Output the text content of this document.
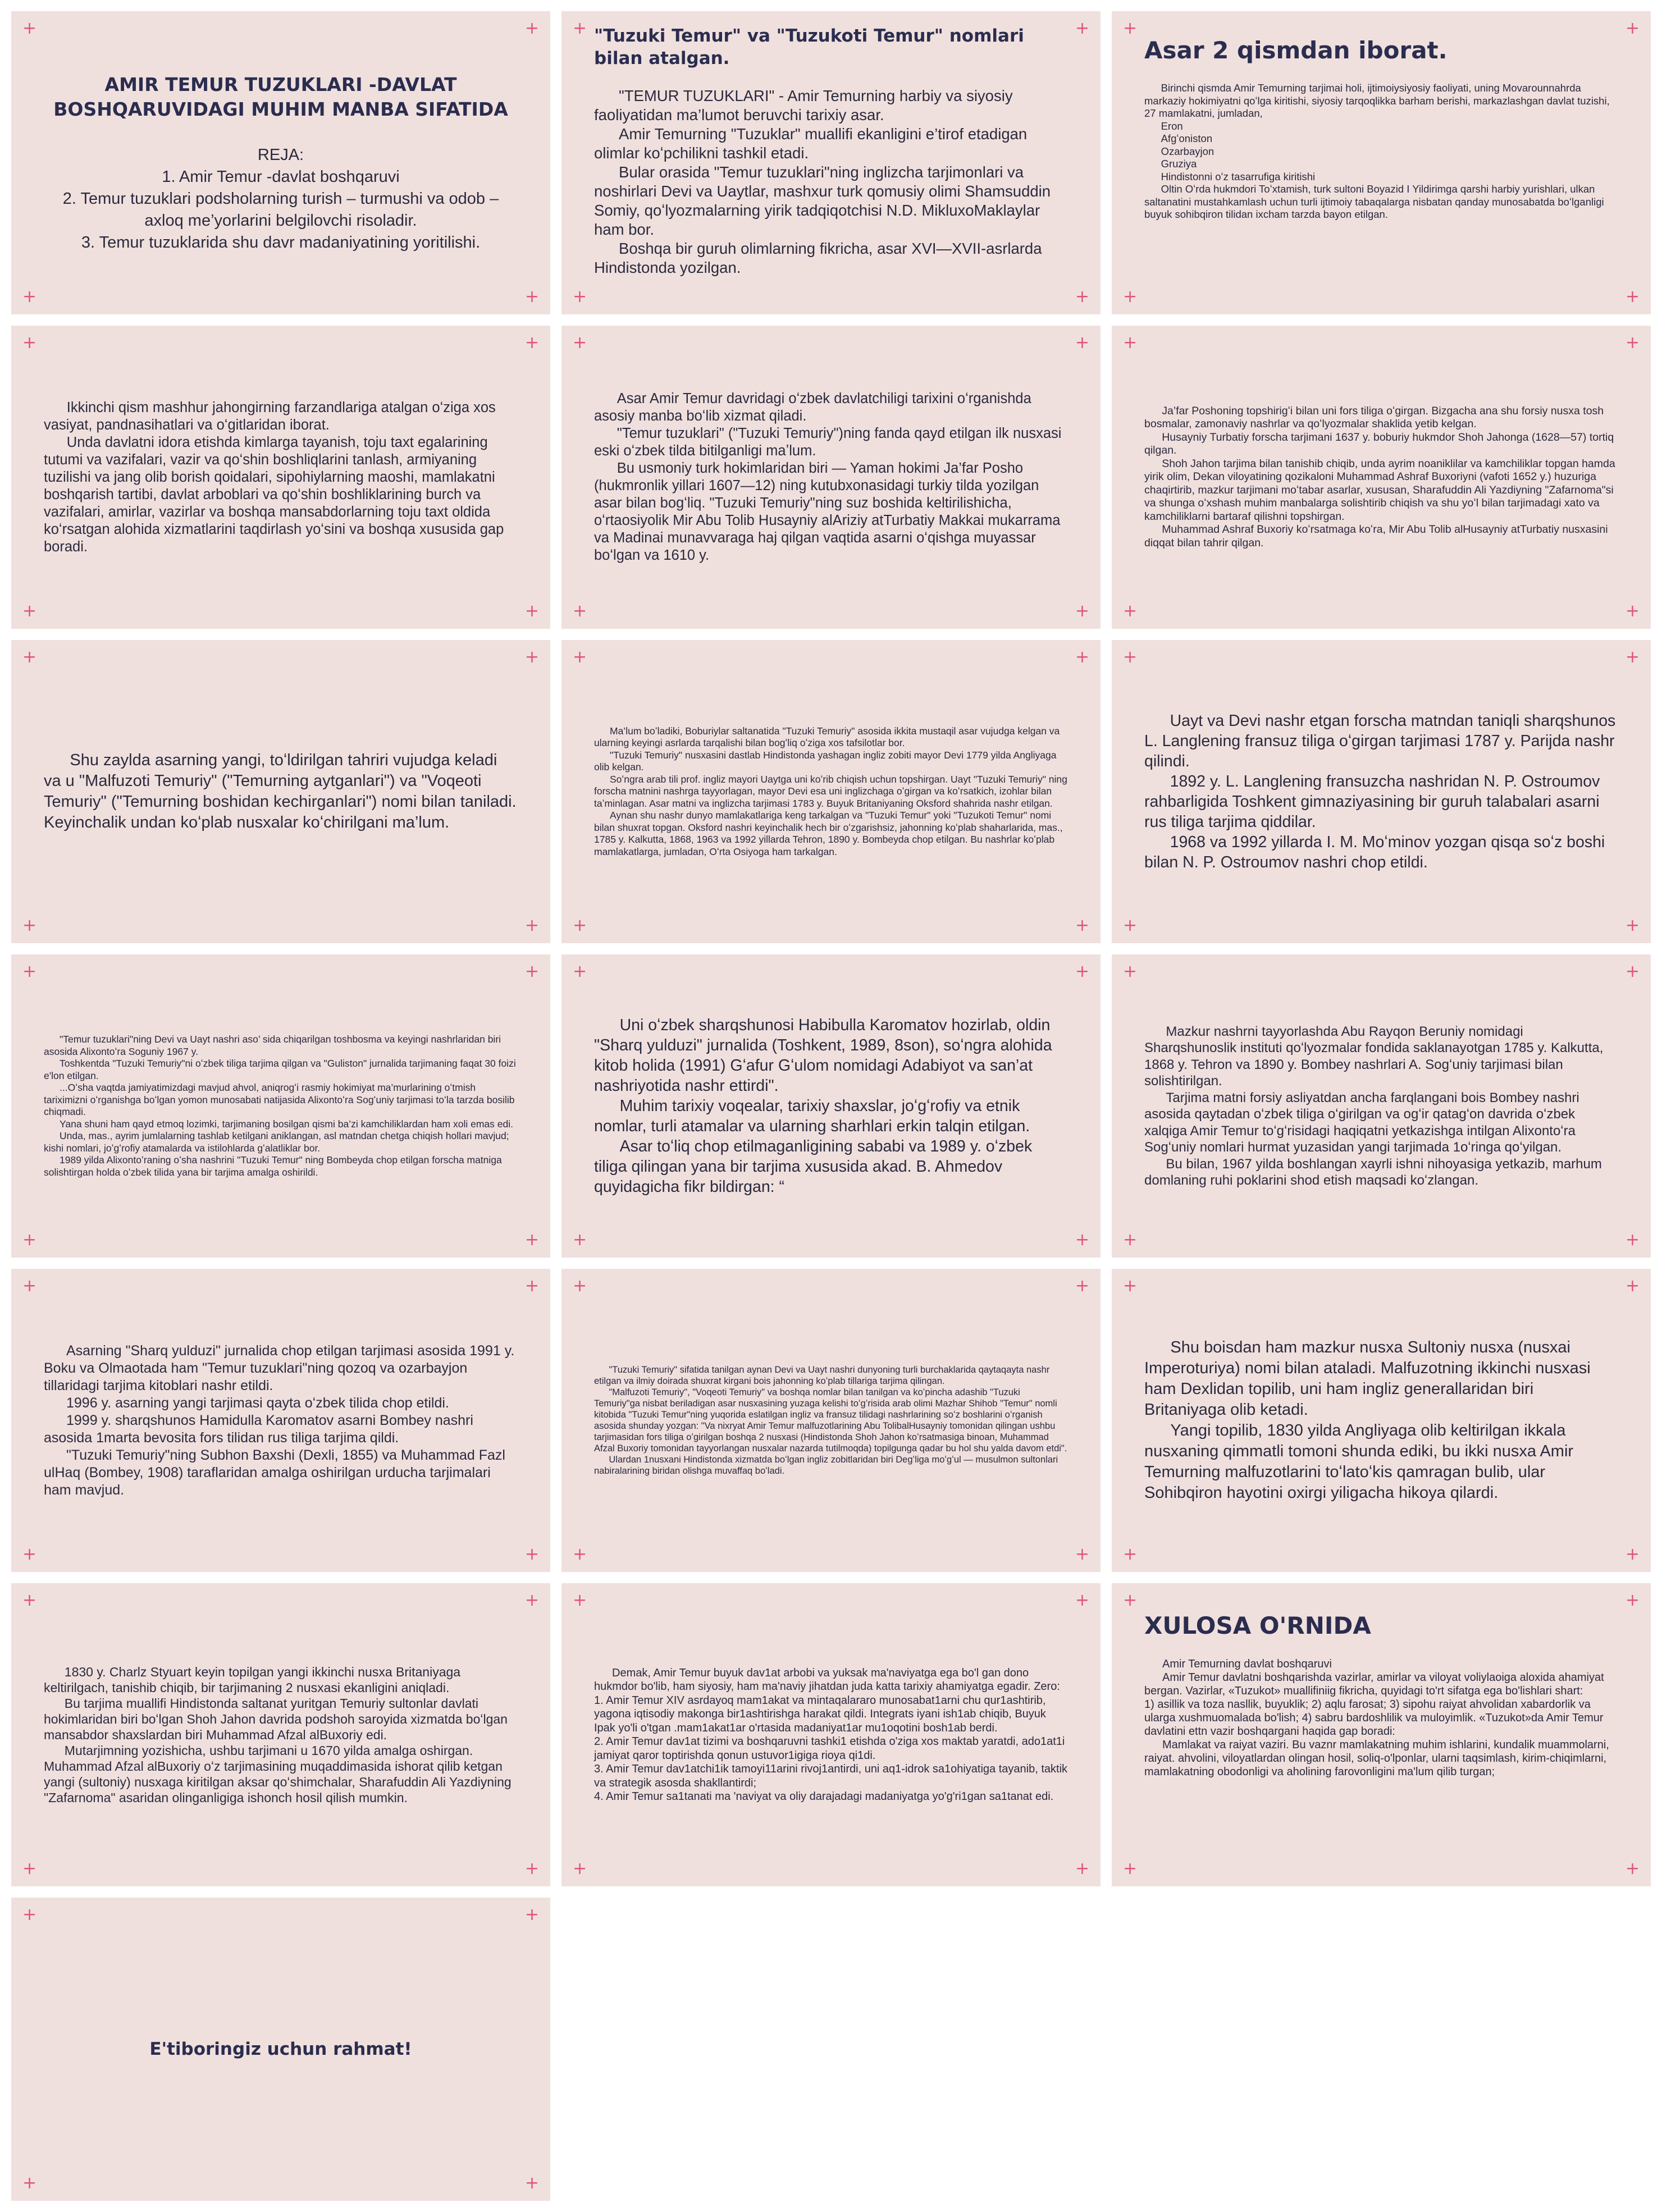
+	+
+	+
AMIR TEMUR TUZUKLARI -DAVLAT BOSHQARUVIDAGI MUHIM MANBA SIFATIDA

REJA:

1. Amir Temur -davlat boshqaruvi

2. Temur tuzuklari podsholarning turish – turmushi va odob – axloq me’yorlarini belgilovchi risoladir.

3. Temur tuzuklarida shu davr madaniyatining yoritilishi.

+	+
+	+
"Tuzuki Temur" va "Tuzukoti Temur" nomlari bilan atalgan.

"TEMUR TUZUKLARI" - Amir Temurning harbiy va siyosiy faoliyatidan ma’lumot beruvchi tarixiy asar.

Amir Temurning "Tuzuklar" muallifi ekanligini e’tirof etadigan olimlar koʻpchilikni tashkil etadi.

Bular orasida "Temur tuzuklari"ning inglizcha tarjimonlari va noshirlari Devi va Uaytlar, mashxur turk qomusiy olimi Shamsuddin Somiy, qoʻlyozmalarning yirik tadqiqotchisi N.D. MikluxoMaklaylar ham bor.

Boshqa bir guruh olimlarning fikricha, asar XVI—XVII-asrlarda Hindistonda yozilgan.

+	+
+	+
Asar 2 qismdan iborat.

Birinchi qismda Amir Temurning tarjimai holi, ijtimoiysiyosiy faoliyati, uning Movarounnahrda markaziy hokimiyatni qoʻlga kiritishi, siyosiy tarqoqlikka barham berishi, markazlashgan davlat tuzishi, 27 mamlakatni, jumladan,

Eron

Afgʻoniston

Ozarbayjon

Gruziya

Hindistonni oʻz tasarrufiga kiritishi

Oltin Oʻrda hukmdori Toʻxtamish, turk sultoni Boyazid I Yildirimga qarshi harbiy yurishlari, ulkan saltanatini mustahkamlash uchun turli ijtimoiy tabaqalarga nisbatan qanday munosabatda boʻlganligi buyuk sohibqiron tilidan ixcham tarzda bayon etilgan.

+	+
+	+

Ikkinchi qism mashhur jahongirning farzandlariga atalgan oʻziga xos vasiyat, pandnasihatlari va oʻgitlaridan iborat.

Unda davlatni idora etishda kimlarga tayanish, toju taxt egalarining tutumi va vazifalari, vazir va qoʻshin boshliqlarini tanlash, armiyaning tuzilishi va jang olib borish qoidalari, sipohiylarning maoshi, mamlakatni boshqarish tartibi, davlat arboblari va qoʻshin boshliklarining burch va vazifalari, amirlar, vazirlar va boshqa mansabdorlarning toju taxt oldida koʻrsatgan alohida xizmatlarini taqdirlash yoʻsini va boshqa xususida gap boradi.

+	+
+	+

Asar Amir Temur davridagi oʻzbek davlatchiligi tarixini oʻrganishda asosiy manba boʻlib xizmat qiladi.

"Temur tuzuklari" ("Tuzuki Temuriy")ning fanda qayd etilgan ilk nusxasi eski oʻzbek tilda bitilganligi maʼlum.

Bu usmoniy turk hokimlaridan biri — Yaman hokimi Ja’far Posho (hukmronlik yillari 1607—12) ning kutubxonasidagi turkiy tilda yozilgan asar bilan bogʻliq. "Tuzuki Temuriy"ning suz boshida keltirilishicha, oʻrtaosiyolik Mir Abu Tolib Husayniy alAriziy atTurbatiy Makkai mukarrama va Madinai munavvaraga haj qilgan vaqtida asarni oʻqishga muyassar boʻlgan va 1610 y.

+	+
+	+

Ja’far Poshoning topshirigʻi bilan uni fors tiliga oʻgirgan. Bizgacha ana shu forsiy nusxa tosh bosmalar, zamonaviy nashrlar va qoʻlyozmalar shaklida yetib kelgan.

Husayniy Turbatiy forscha tarjimani 1637 y. boburiy hukmdor Shoh Jahonga (1628—57) tortiq qilgan.

Shoh Jahon tarjima bilan tanishib chiqib, unda ayrim noaniklilar va kamchiliklar topgan hamda yirik olim, Dekan viloyatining qozikaloni Muhammad Ashraf Buxoriyni (vafoti 1652 y.) huzuriga chaqirtirib, mazkur tarjimani moʻtabar asarlar, xususan, Sharafuddin Ali Yazdiyning "Zafarnoma"si va shunga oʻxshash muhim manbalarga solishtirib chiqish va shu yoʻl bilan tarjimadagi xato va kamchiliklarni bartaraf qilishni topshirgan.

Muhammad Ashraf Buxoriy koʻrsatmaga koʻra, Mir Abu Tolib alHusayniy atTurbatiy nusxasini diqqat bilan tahrir qilgan.

+	+
+	+

Shu zaylda asarning yangi, toʻldirilgan tahriri vujudga keladi va u "Malfuzoti Temuriy" ("Temurning aytganlari") va "Voqeoti Temuriy" ("Temurning boshidan kechirganlari") nomi bilan taniladi. Keyinchalik undan koʻplab nusxalar koʻchirilgani ma’lum.

+	+
+	+

Ma’lum boʻladiki, Boburiylar saltanatida "Tuzuki Temuriy" asosida ikkita mustaqil asar vujudga kelgan va ularning keyingi asrlarda tarqalishi bilan bogʻliq oʻziga xos tafsilotlar bor.

"Tuzuki Temuriy" nusxasini dastlab Hindistonda yashagan ingliz zobiti mayor Devi 1779 yilda Angliyaga olib kelgan.

Soʻngra arab tili prof. ingliz mayori Uaytga uni koʻrib chiqish uchun topshirgan. Uayt "Tuzuki Temuriy" ning forscha matnini nashrga tayyorlagan, mayor Devi esa uni inglizchaga oʻgirgan va koʻrsatkich, izohlar bilan taʼminlagan. Asar matni va inglizcha tarjimasi 1783 y. Buyuk Britaniyaning Oksford shahrida nashr etilgan.

Aynan shu nashr dunyo mamlakatlariga keng tarkalgan va "Tuzuki Temur" yoki "Tuzukoti Temur" nomi bilan shuxrat topgan. Oksford nashri keyinchalik hech bir oʻzgarishsiz, jahonning koʻplab shaharlarida, mas., 1785 y. Kalkutta, 1868, 1963 va 1992 yillarda Tehron, 1890 y. Bombeyda chop etilgan. Bu nashrlar koʻplab mamlakatlarga, jumladan, Oʻrta Osiyoga ham tarkalgan.

+	+
+	+

Uayt va Devi nashr etgan forscha matndan taniqli sharqshunos L. Langlening fransuz tiliga oʻgirgan tarjimasi 1787 y. Parijda nashr qilindi.

1892 y. L. Langlening fransuzcha nashridan N. P. Ostroumov rahbarligida Toshkent gimnaziyasining bir guruh talabalari asarni rus tiliga tarjima qiddilar.

1968 va 1992 yillarda I. M. Moʻminov yozgan qisqa soʻz boshi bilan N. P. Ostroumov nashri chop etildi.

+	+
+	+

"Temur tuzuklari"ning Devi va Uayt nashri aso’ sida chiqarilgan toshbosma va keyingi nashrlaridan biri asosida Alixontoʻra Soguniy 1967 y.

Toshkentda "Tuzuki Temuriy"ni oʻzbek tiliga tarjima qilgan va "Guliston" jurnalida tarjimaning faqat 30 foizi e'lon etilgan.

...Oʻsha vaqtda jamiyatimizdagi mavjud ahvol, aniqrogʻi rasmiy hokimiyat ma’murlarining oʻtmish tariximizni oʻrganishga boʻlgan yomon munosabati natijasida Alixontoʻra Sogʻuniy tarjimasi toʻla tarzda bosilib chiqmadi.

Yana shuni ham qayd etmoq lozimki, tarjimaning bosilgan qismi ba’zi kamchiliklardan ham xoli emas edi.

Unda, mas., ayrim jumlalarning tashlab ketilgani aniklangan, asl matndan chetga chiqish hollari mavjud; kishi nomlari, joʻgʻrofiy atamalarda va istilohlarda gʻalatliklar bor.

1989 yilda Alixontoʻraning oʻsha nashrini "Tuzuki Temur" ning Bombeyda chop etilgan forscha matniga solishtirgan holda oʻzbek tilida yana bir tarjima amalga oshirildi.

+	+
+	+

Uni oʻzbek sharqshunosi Habibulla Karomatov hozirlab, oldin "Sharq yulduzi" jurnalida (Toshkent, 1989, 8son), soʻngra alohida kitob holida (1991) Gʻafur Gʻulom nomidagi Adabiyot va san’at nashriyotida nashr ettirdi".

Muhim tarixiy voqealar, tarixiy shaxslar, joʻgʻrofiy va etnik nomlar, turli atamalar va ularning sharhlari erkin talqin etilgan.

Asar toʻliq chop etilmaganligining sababi va 1989 y. oʻzbek tiliga qilingan yana bir tarjima xususida akad. B. Ahmedov quyidagicha fikr bildirgan: “

+	+
+	+

Mazkur nashrni tayyorlashda Abu Rayqon Beruniy nomidagi Sharqshunoslik instituti qoʻlyozmalar fondida saklanayotgan 1785 y. Kalkutta, 1868 y. Tehron va 1890 y. Bombey nashrlari A. Sogʻuniy tarjimasi bilan solishtirilgan.

Tarjima matni forsiy asliyatdan ancha farqlangani bois Bombey nashri asosida qaytadan oʻzbek tiliga oʻgirilgan va ogʻir qatagʻon davrida oʻzbek xalqiga Amir Temur toʻgʻrisidagi haqiqatni yetkazishga intilgan Alixontoʻra Sogʻuniy nomlari hurmat yuzasidan yangi tarjimada 1oʻringa qoʻyilgan.

Bu bilan, 1967 yilda boshlangan xayrli ishni nihoyasiga yetkazib, marhum domlaning ruhi poklarini shod etish maqsadi koʻzlangan.

+	+
+	+

Asarning "Sharq yulduzi" jurnalida chop etilgan tarjimasi asosida 1991 y. Boku va Olmaotada ham "Temur tuzuklari"ning qozoq va ozarbayjon tillaridagi tarjima kitoblari nashr etildi.

1996 y. asarning yangi tarjimasi qayta oʻzbek tilida chop etildi.

1999 y. sharqshunos Hamidulla Karomatov asarni Bombey nashri asosida 1marta bevosita fors tilidan rus tiliga tarjima qildi.

"Tuzuki Temuriy"ning Subhon Baxshi (Dexli, 1855) va Muhammad Fazl ulHaq (Bombey, 1908) taraflaridan amalga oshirilgan urducha tarjimalari ham mavjud.

+	+
+	+

"Tuzuki Temuriy" sifatida tanilgan aynan Devi va Uayt nashri dunyoning turli burchaklarida qaytaqayta nashr etilgan va ilmiy doirada shuxrat kirgani bois jahonning koʻplab tillariga tarjima qilingan.

"Malfuzoti Temuriy", "Voqeoti Temuriy" va boshqa nomlar bilan tanilgan va koʻpincha adashib "Tuzuki Temuriy"ga nisbat beriladigan asar nusxasining yuzaga kelishi toʻgʻrisida arab olimi Mazhar Shihob "Temur" nomli kitobida "Tuzuki Temur"ning yuqorida eslatilgan ingliz va fransuz tilidagi nashrlarining soʻz boshlarini oʻrganish asosida shunday yozgan: "Va nixryat Amir Temur malfuzotlarining Abu TolibalHusayniy tomonidan qilingan ushbu tarjimasidan fors tiliga oʻgirilgan boshqa 2 nusxasi (Hindistonda Shoh Jahon koʻrsatmasiga binoan, Muhammad Afzal Buxoriy tomonidan tayyorlangan nusxalar nazarda tutilmoqda) topilgunga qadar bu hol shu yalda davom etdi".

Ulardan 1nusxani Hindistonda xizmatda boʻlgan ingliz zobitlaridan biri Degʻliga moʻgʻul — musulmon sultonlari nabiralarining biridan olishga muvaffaq boʻladi.

+	+
+	+

Shu boisdan ham mazkur nusxa Sultoniy nusxa (nusxai Imperoturiya) nomi bilan ataladi. Malfuzotning ikkinchi nusxasi ham Dexlidan topilib, uni ham ingliz generallaridan biri Britaniyaga olib ketadi.

Yangi topilib, 1830 yilda Angliyaga olib keltirilgan ikkala nusxaning qimmatli tomoni shunda ediki, bu ikki nusxa Amir Temurning malfuzotlarini toʻlatoʻkis qamragan bulib, ular Sohibqiron hayotini oxirgi yiligacha hikoya qilardi.

+	+
+	+

1830 y. Charlz Styuart keyin topilgan yangi ikkinchi nusxa Britaniyaga keltirilgach, tanishib chiqib, bir tarjimaning 2 nusxasi ekanligini aniqladi.

Bu tarjima muallifi Hindistonda saltanat yuritgan Temuriy sultonlar davlati hokimlaridan biri boʻlgan Shoh Jahon davrida podshoh saroyida xizmatda boʻlgan mansabdor shaxslardan biri Muhammad Afzal alBuxoriy edi.

Mutarjimning yozishicha, ushbu tarjimani u 1670 yilda amalga oshirgan. Muhammad Afzal alBuxoriy oʻz tarjimasining muqaddimasida ishorat qilib ketgan yangi (sultoniy) nusxaga kiritilgan aksar qoʻshimchalar, Sharafuddin Ali Yazdiyning "Zafarnoma" asaridan olinganligiga ishonch hosil qilish mumkin.

+	+
+	+

Demak, Amir Temur buyuk dav1at arbobi va yuksak ma'naviyatga ega bo'l gan dono hukmdor bo'lib, ham siyosiy, ham ma'naviy jihatdan juda katta tarixiy ahamiyatga egadir. Zero:

1. Amir Temur XIV asrdayoq mam1akat va mintaqalararo munosabat1arni chu qur1ashtirib, yagona iqtisodiy makonga bir1ashtirishga harakat qildi. Integrats iyani ish1ab chiqib, Buyuk Ipak yo'li o'tgan .mam1akat1ar o'rtasida madaniyat1ar mu1oqotini bosh1ab berdi.

2. Amir Temur dav1at tizimi va boshqaruvni tashki1 etishda o'ziga xos maktab yaratdi, ado1at1i jamiyat qaror toptirishda qonun ustuvor1igiga rioya qi1di.

3. Amir Temur dav1atchi1ik tamoyi11arini rivoj1antirdi, uni aq1-idrok sa1ohiyatiga tayanib, taktik va strategik asosda shakllantirdi;

4. Amir Temur sa1tanati ma 'naviyat va oliy darajadagi madaniyatga yo'g'ri1gan sa1tanat edi.

+	+
+	+
XULOSA O'RNIDA

Amir Temurning davlat boshqaruvi

Amir Temur davlatni boshqarishda vazirlar, amirlar va viloyat voliylaoiga aloxida ahamiyat bergan. Vazirlar, «Tuzukot» muallifiniig fikricha, quyidagi to'rt sifatga ega bo'lishlari shart:

1) asillik va toza nasllik, buyuklik; 2) aqlu farosat; 3) sipohu raiyat ahvolidan xabardorlik va ularga xushmuomalada bo'lish; 4) sabru bardoshlilik va muloyimlik. «Tuzukot»da Amir Temur davlatini ettn vazir boshqargani haqida gap boradi:

Mamlakat va raiyat vaziri. Bu vaznr mamlakatning muhim ishlarini, kundalik muammolarni, raiyat. ahvolini, viloyatlardan olingan hosil, soliq-o'lponlar, ularni taqsimlash, kirim-chiqimlarni, mamlakatning obodonligi va aholining farovonligini ma'lum qilib turgan;

+	+
+	+
E'tiboringiz uchun rahmat!
